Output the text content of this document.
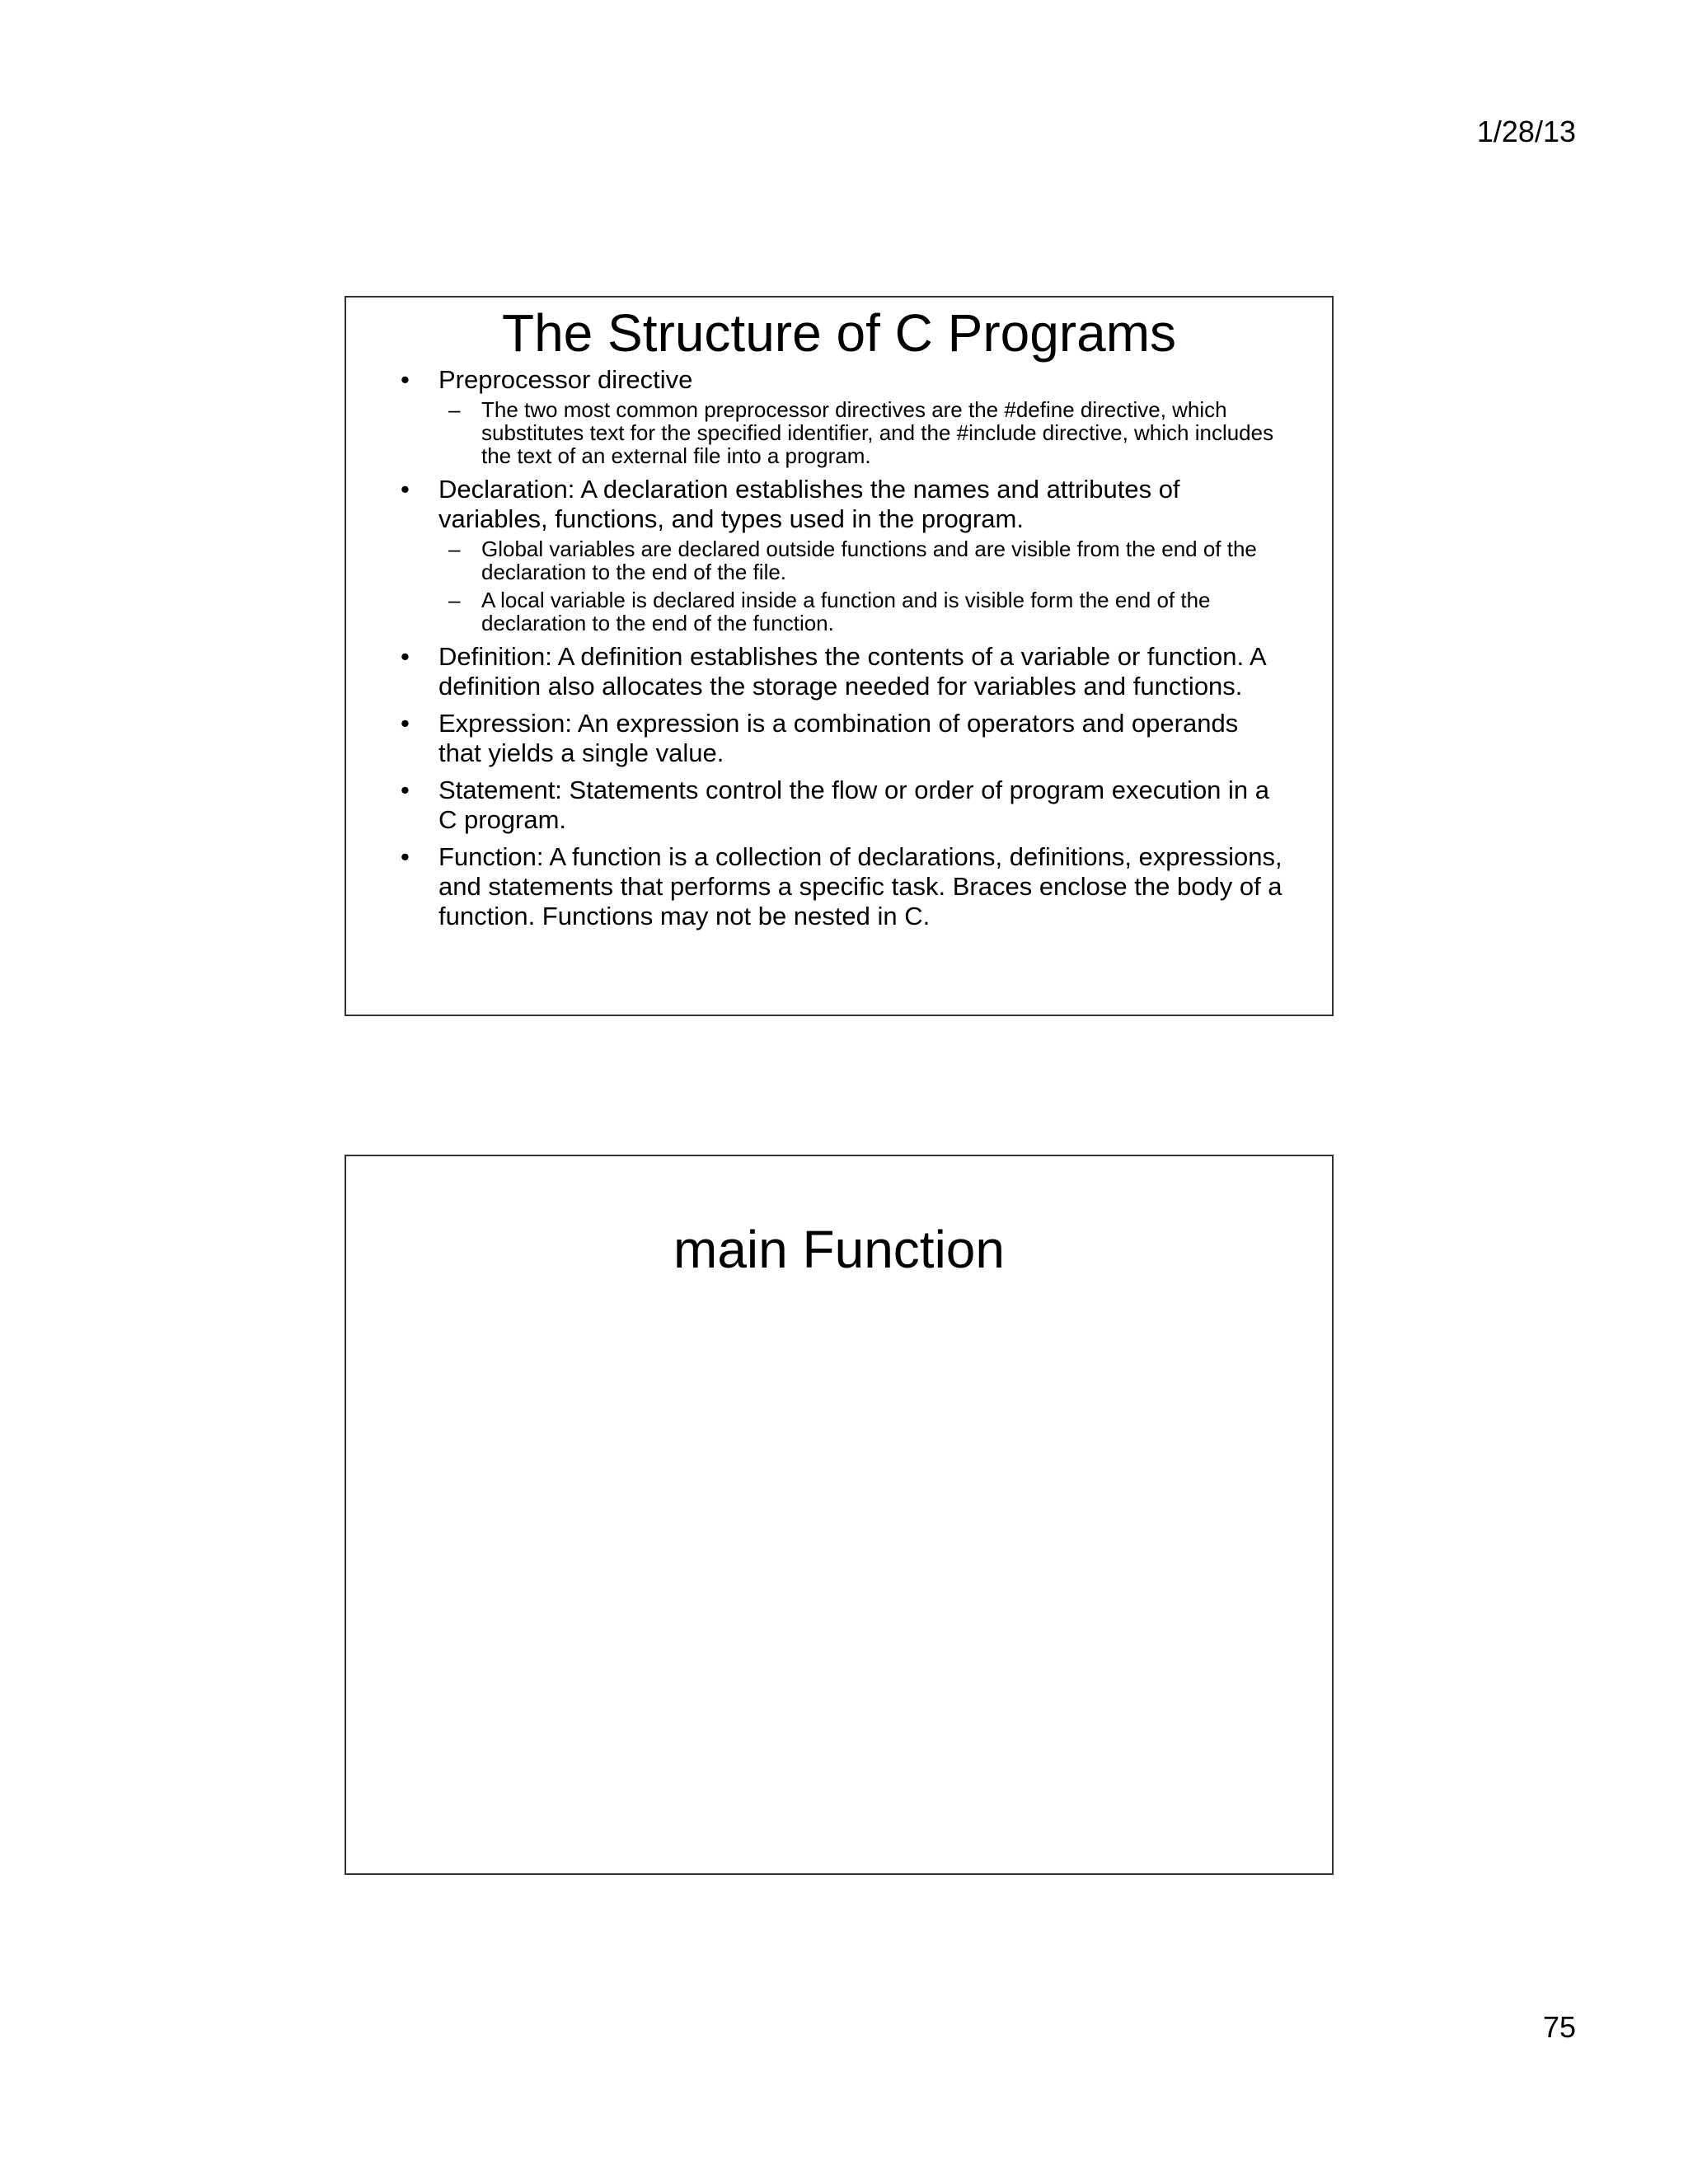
1/28/13

The Structure of C Programs
• Preprocessor directive
– The two most common preprocessor directives are the #define directive, which substitutes text for the specified identifier, and the #include directive, which includes the text of an external file into a program.
• Declaration: A declaration establishes the names and attributes of variables, functions, and types used in the program.
– Global variables are declared outside functions and are visible from the end of the declaration to the end of the file.
– A local variable is declared inside a function and is visible form the end of the declaration to the end of the function.
• Definition: A definition establishes the contents of a variable or function. A definition also allocates the storage needed for variables and functions.
• Expression: An expression is a combination of operators and operands that yields a single value.
• Statement: Statements control the flow or order of program execution in a C program.
• Function: A function is a collection of declarations, definitions, expressions, and statements that performs a specific task. Braces enclose the body of a function. Functions may not be nested in C.
main Function

75
